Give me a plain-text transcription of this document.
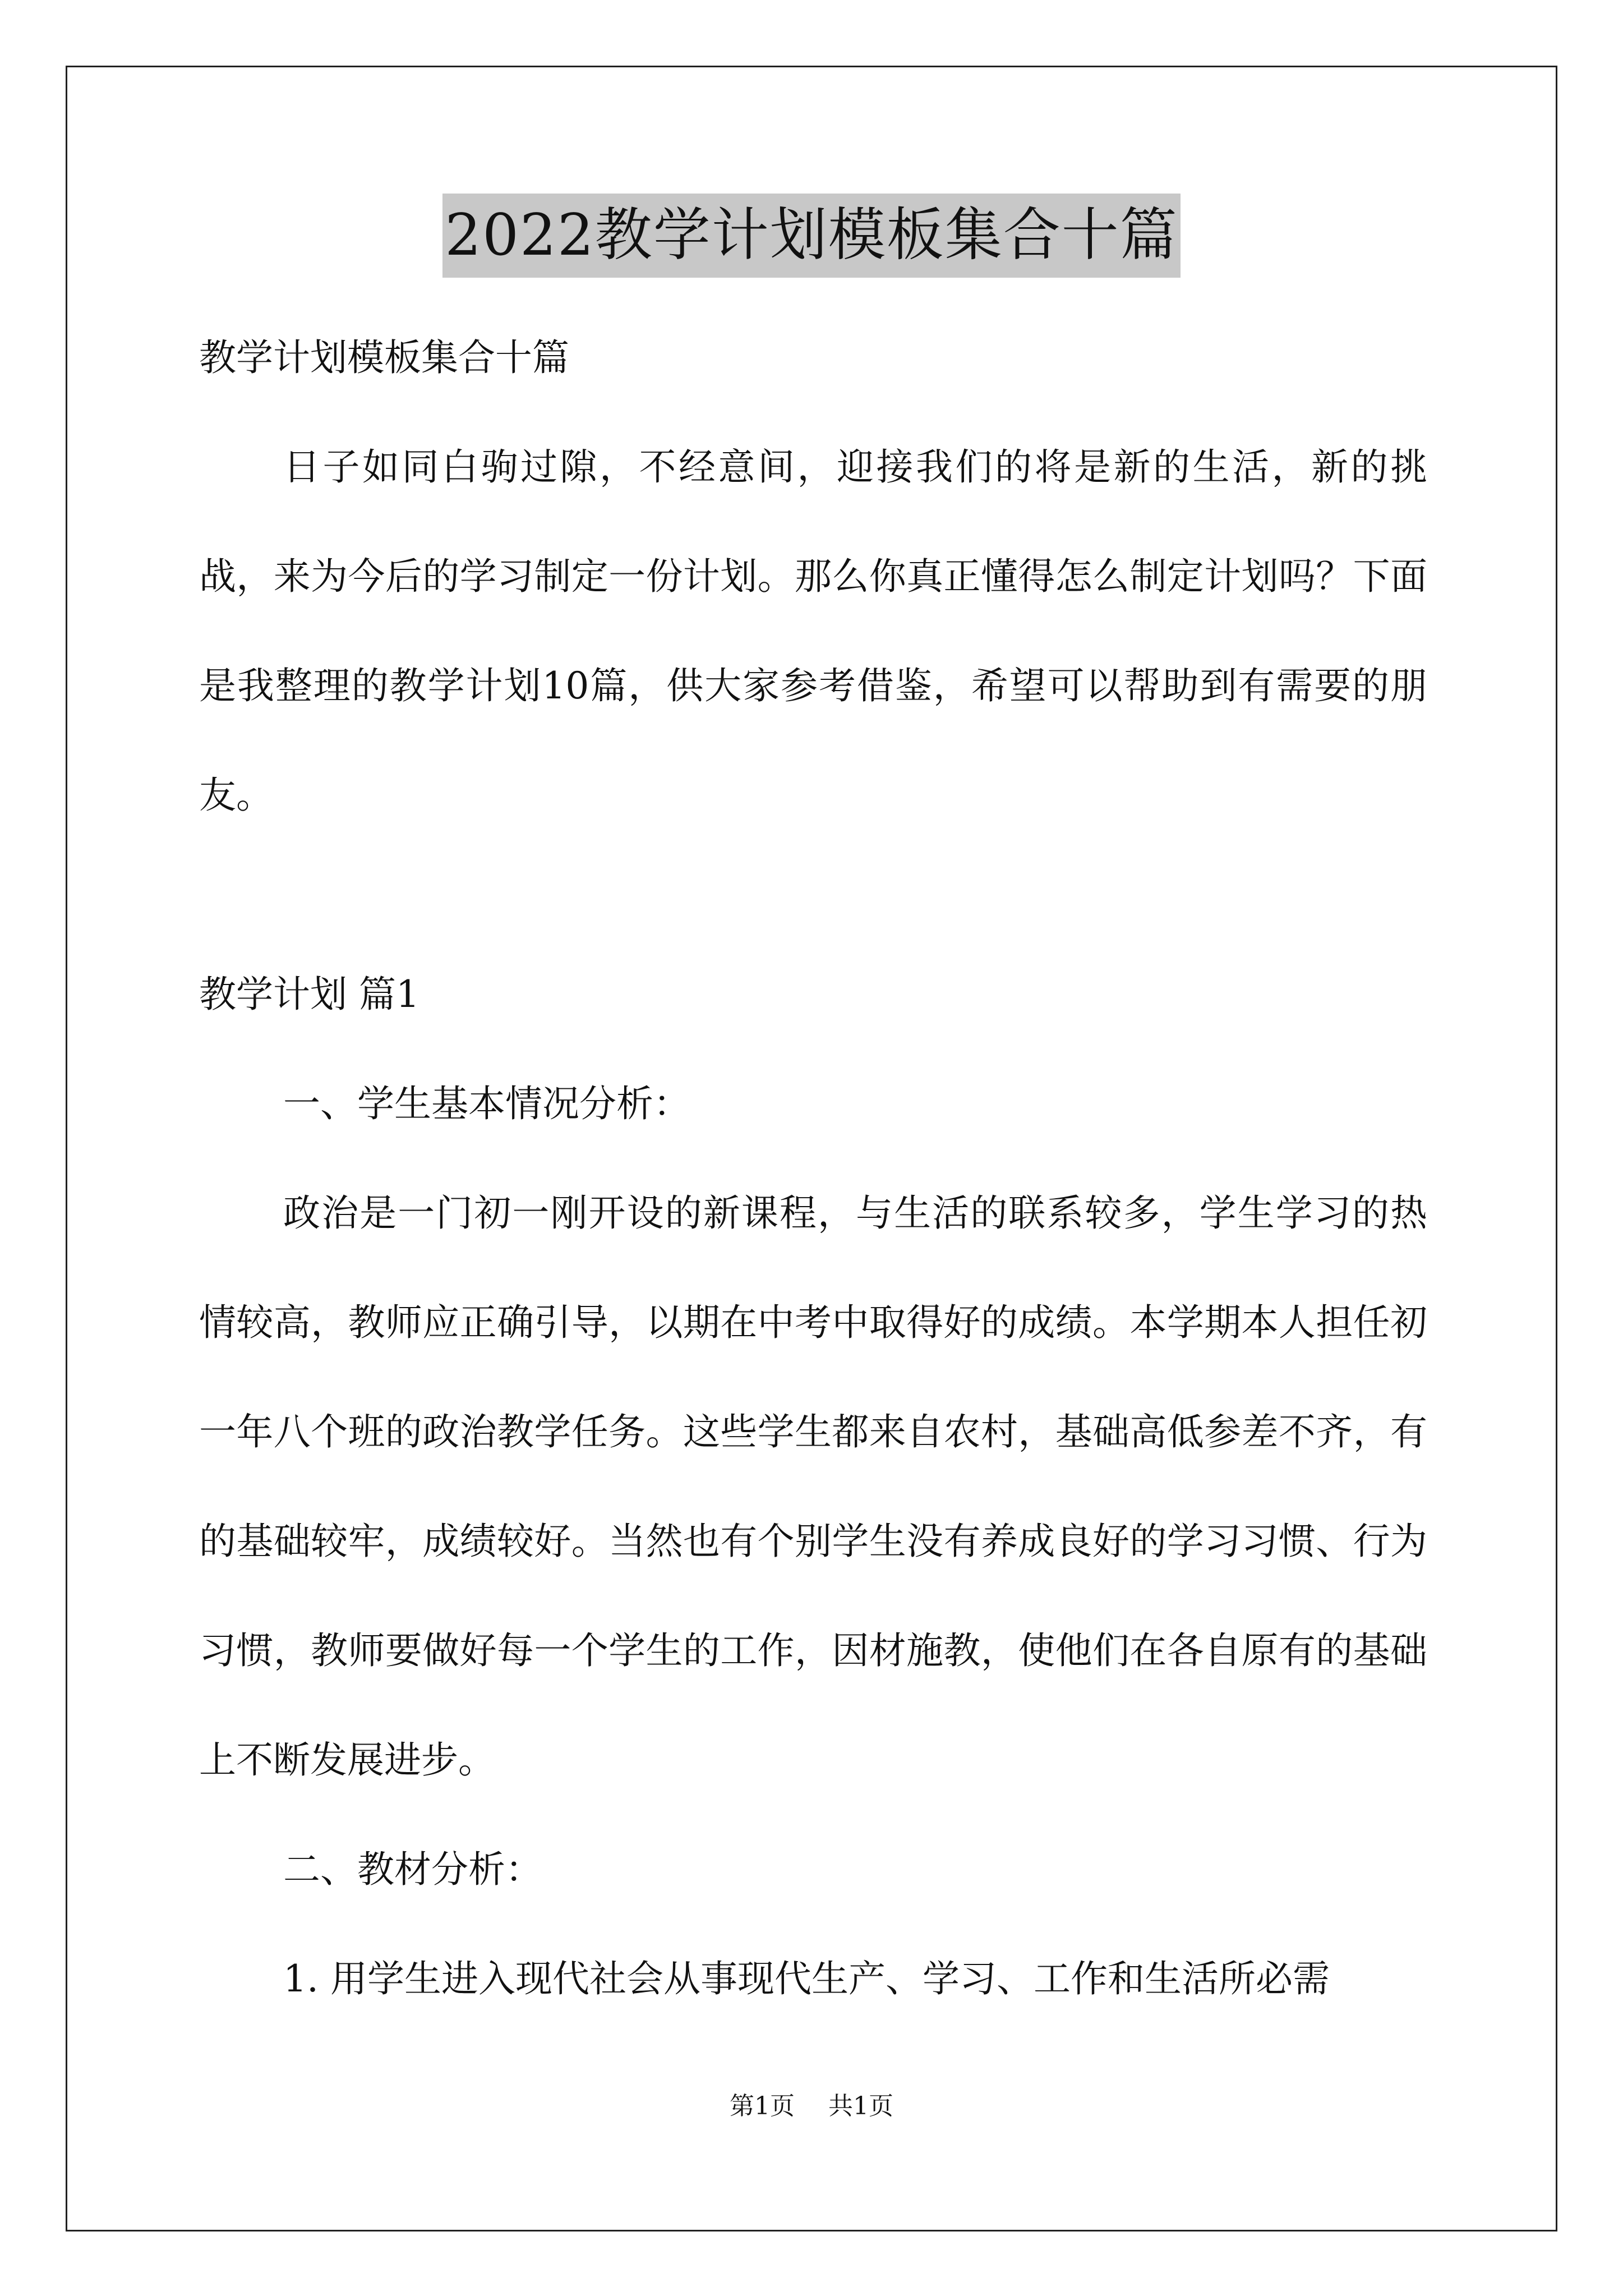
2022教学计划模板集合十篇

教学计划模板集合十篇

日子如同白驹过隙，不经意间，迎接我们的将是新的生活，新的挑战，来为今后的学习制定一份计划。那么你真正懂得怎么制定计划吗？下面是我整理的教学计划10篇，供大家参考借鉴，希望可以帮助到有需要的朋友。

教学计划 篇1

一、学生基本情况分析：

政治是一门初一刚开设的新课程，与生活的联系较多，学生学习的热情较高，教师应正确引导，以期在中考中取得好的成绩。本学期本人担任初一年八个班的政治教学任务。这些学生都来自农村，基础高低参差不齐，有的基础较牢，成绩较好。当然也有个别学生没有养成良好的学习习惯、行为习惯，教师要做好每一个学生的工作，因材施教，使他们在各自原有的基础上不断发展进步。

二、教材分析：

1. 用学生进入现代社会从事现代生产、学习、工作和生活所必需

第1页 共1页
